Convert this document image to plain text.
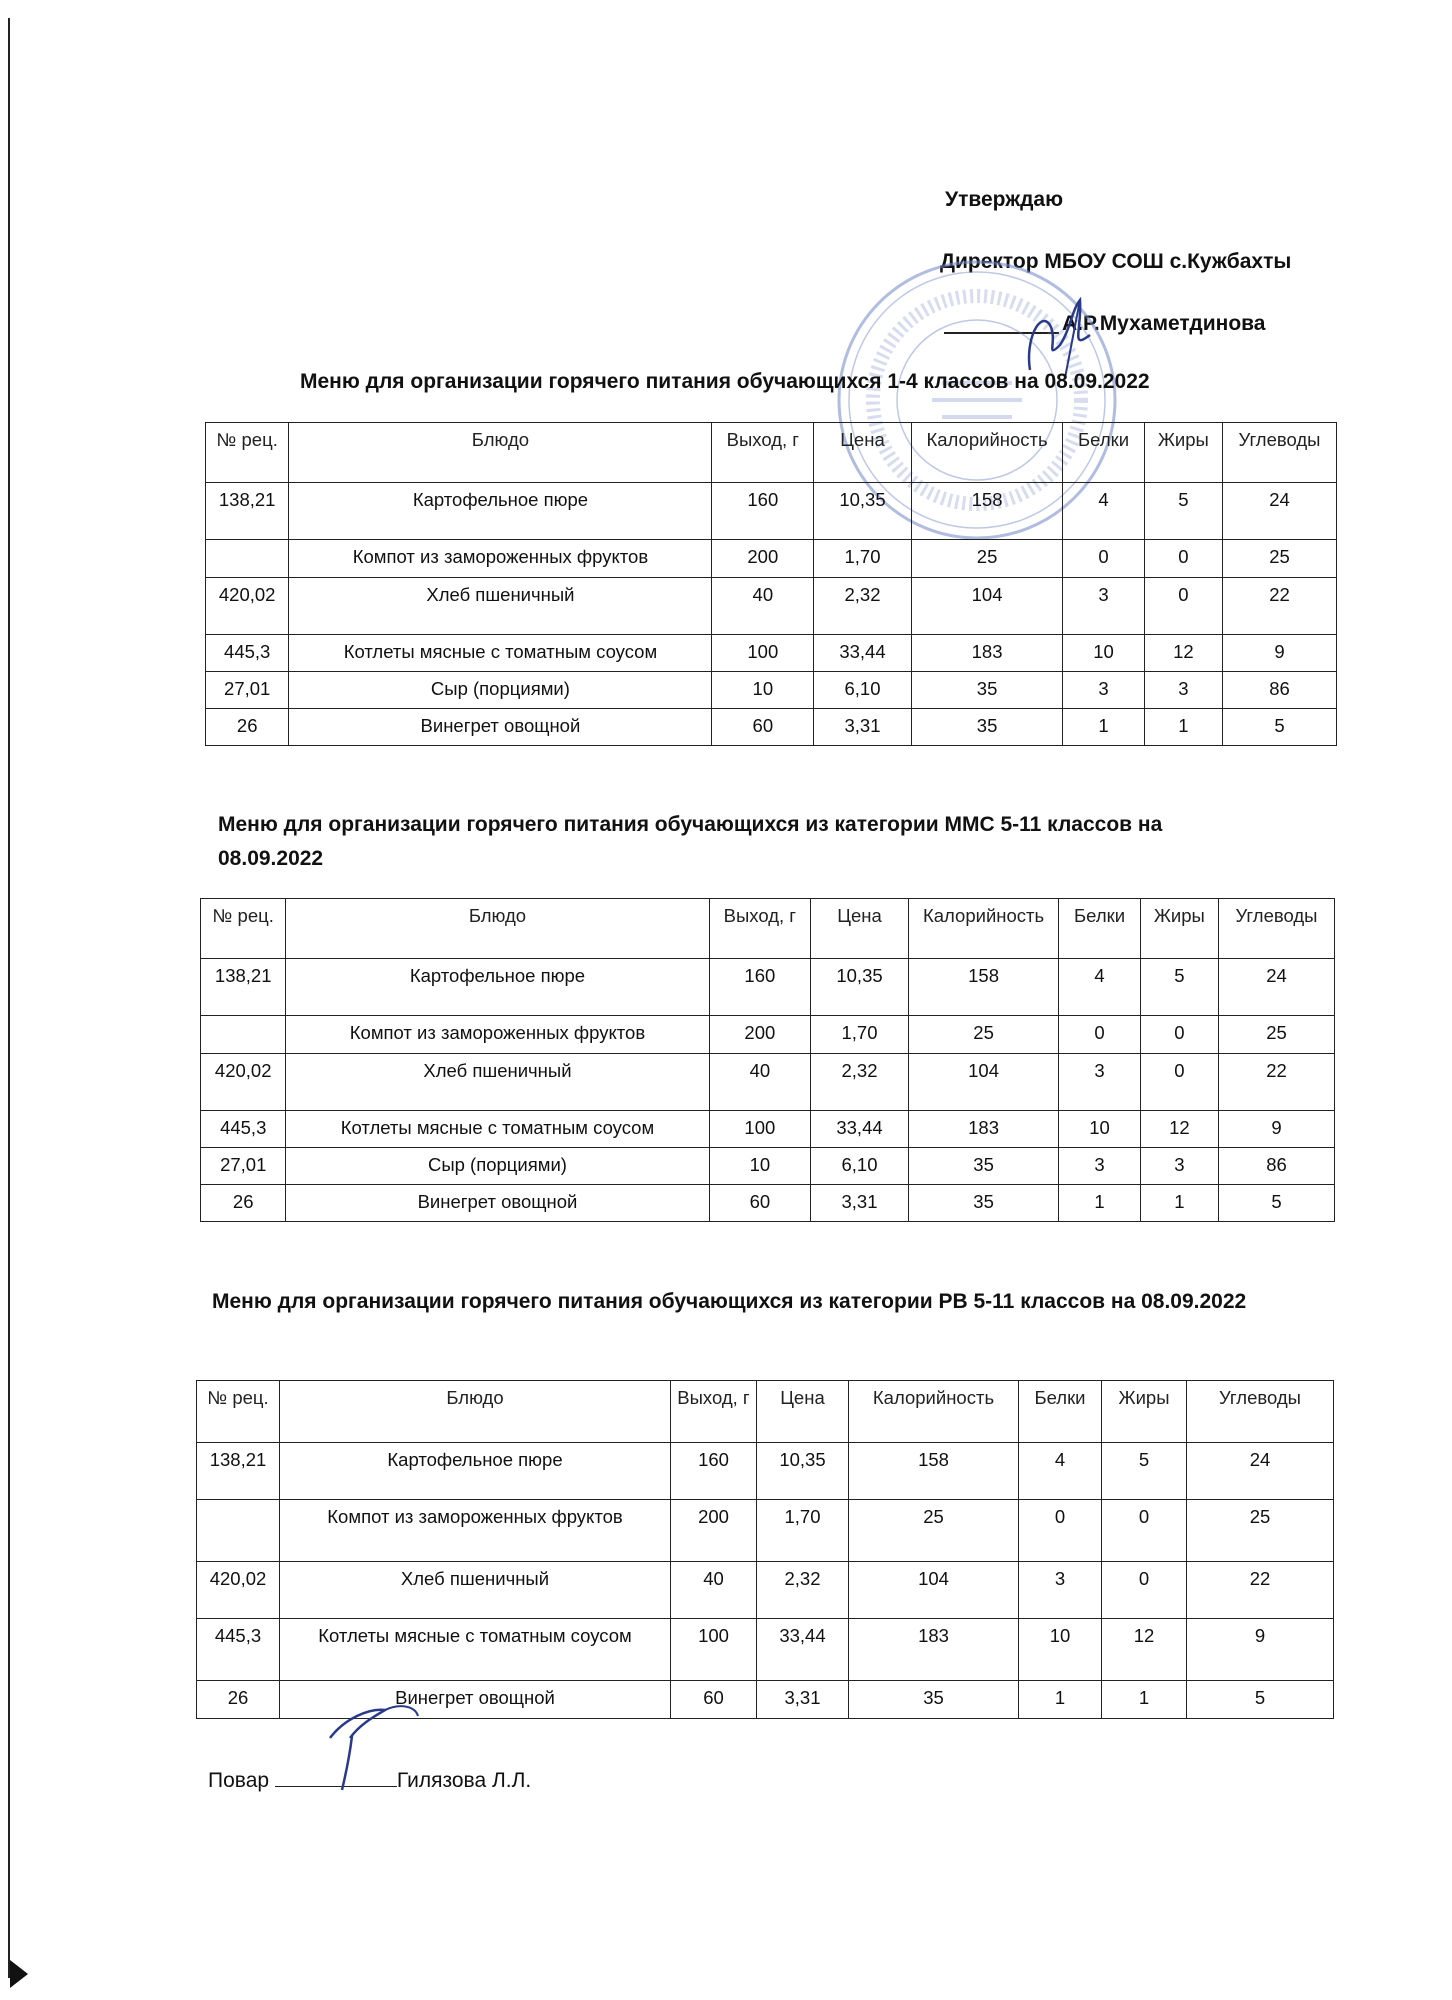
Утверждаю
Директор МБОУ СОШ с.Кужбахты
А.Р.Мухаметдинова
Меню для организации горячего питания обучающихся 1-4 классов на 08.09.2022
№ рец.	Блюдо	Выход, г	Цена	Калорийность	Белки	Жиры	Углеводы
138,21	Картофельное пюре	160	10,35	158	4	5	24
	Компот из замороженных фруктов	200	1,70	25	0	0	25
420,02	Хлеб пшеничный	40	2,32	104	3	0	22
445,3	Котлеты мясные с томатным соусом	100	33,44	183	10	12	9
27,01	Сыр (порциями)	10	6,10	35	3	3	86
26	Винегрет овощной	60	3,31	35	1	1	5
Меню для организации горячего питания обучающихся из категории ММС 5-11 классов на 08.09.2022
№ рец.	Блюдо	Выход, г	Цена	Калорийность	Белки	Жиры	Углеводы
138,21	Картофельное пюре	160	10,35	158	4	5	24
	Компот из замороженных фруктов	200	1,70	25	0	0	25
420,02	Хлеб пшеничный	40	2,32	104	3	0	22
445,3	Котлеты мясные с томатным соусом	100	33,44	183	10	12	9
27,01	Сыр (порциями)	10	6,10	35	3	3	86
26	Винегрет овощной	60	3,31	35	1	1	5
Меню для организации горячего питания обучающихся из категории РВ 5-11 классов на 08.09.2022
№ рец.	Блюдо	Выход, г	Цена	Калорийность	Белки	Жиры	Углеводы
138,21	Картофельное пюре	160	10,35	158	4	5	24
	Компот из замороженных фруктов	200	1,70	25	0	0	25
420,02	Хлеб пшеничный	40	2,32	104	3	0	22
445,3	Котлеты мясные с томатным соусом	100	33,44	183	10	12	9
26	Винегрет овощной	60	3,31	35	1	1	5
Повар	Гилязова Л.Л.
